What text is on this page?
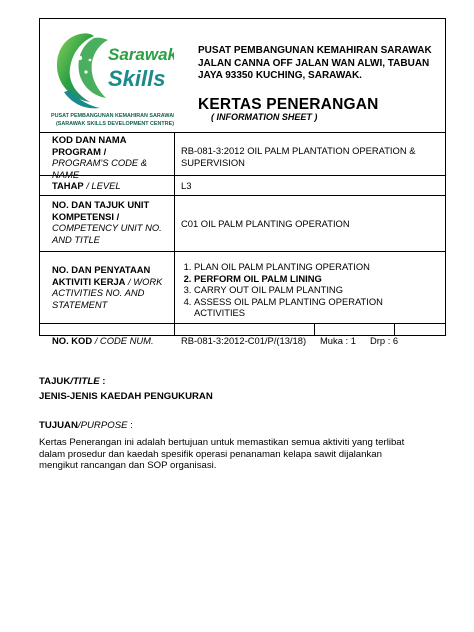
Sarawak
Skills
PUSAT PEMBANGUNAN KEMAHIRAN SARAWAK
(SARAWAK SKILLS DEVELOPMENT CENTRE)
PUSAT PEMBANGUNAN KEMAHIRAN SARAWAK
JALAN CANNA OFF JALAN WAN ALWI, TABUAN
JAYA 93350 KUCHING, SARAWAK.
KERTAS PENERANGAN
( INFORMATION SHEET )
KOD DAN NAMA
PROGRAM /
PROGRAM'S CODE & NAME
RB-081-3:2012 OIL PALM PLANTATION OPERATION & SUPERVISION
TAHAP / LEVEL	L3
NO. DAN TAJUK UNIT KOMPETENSI /
COMPETENCY UNIT NO. AND TITLE
C01 OIL PALM PLANTING OPERATION
NO. DAN PENYATAAN AKTIVITI KERJA / WORK ACTIVITIES NO. AND STATEMENT
1. PLAN OIL PALM PLANTING OPERATION
2. PERFORM OIL PALM LINING
3. CARRY OUT OIL PALM PLANTING
4. ASSESS OIL PALM PLANTING OPERATION ACTIVITIES
NO. KOD / CODE NUM.	RB-081-3:2012-C01/P/(13/18) Muka : 1 Drp : 6
TAJUK/TITLE :
JENIS-JENIS KAEDAH PENGUKURAN
TUJUAN/PURPOSE :
Kertas Penerangan ini adalah bertujuan untuk memastikan semua aktiviti yang terlibat
dalam prosedur dan kaedah spesifik operasi penanaman kelapa sawit dijalankan
mengikut rancangan dan SOP organisasi.
